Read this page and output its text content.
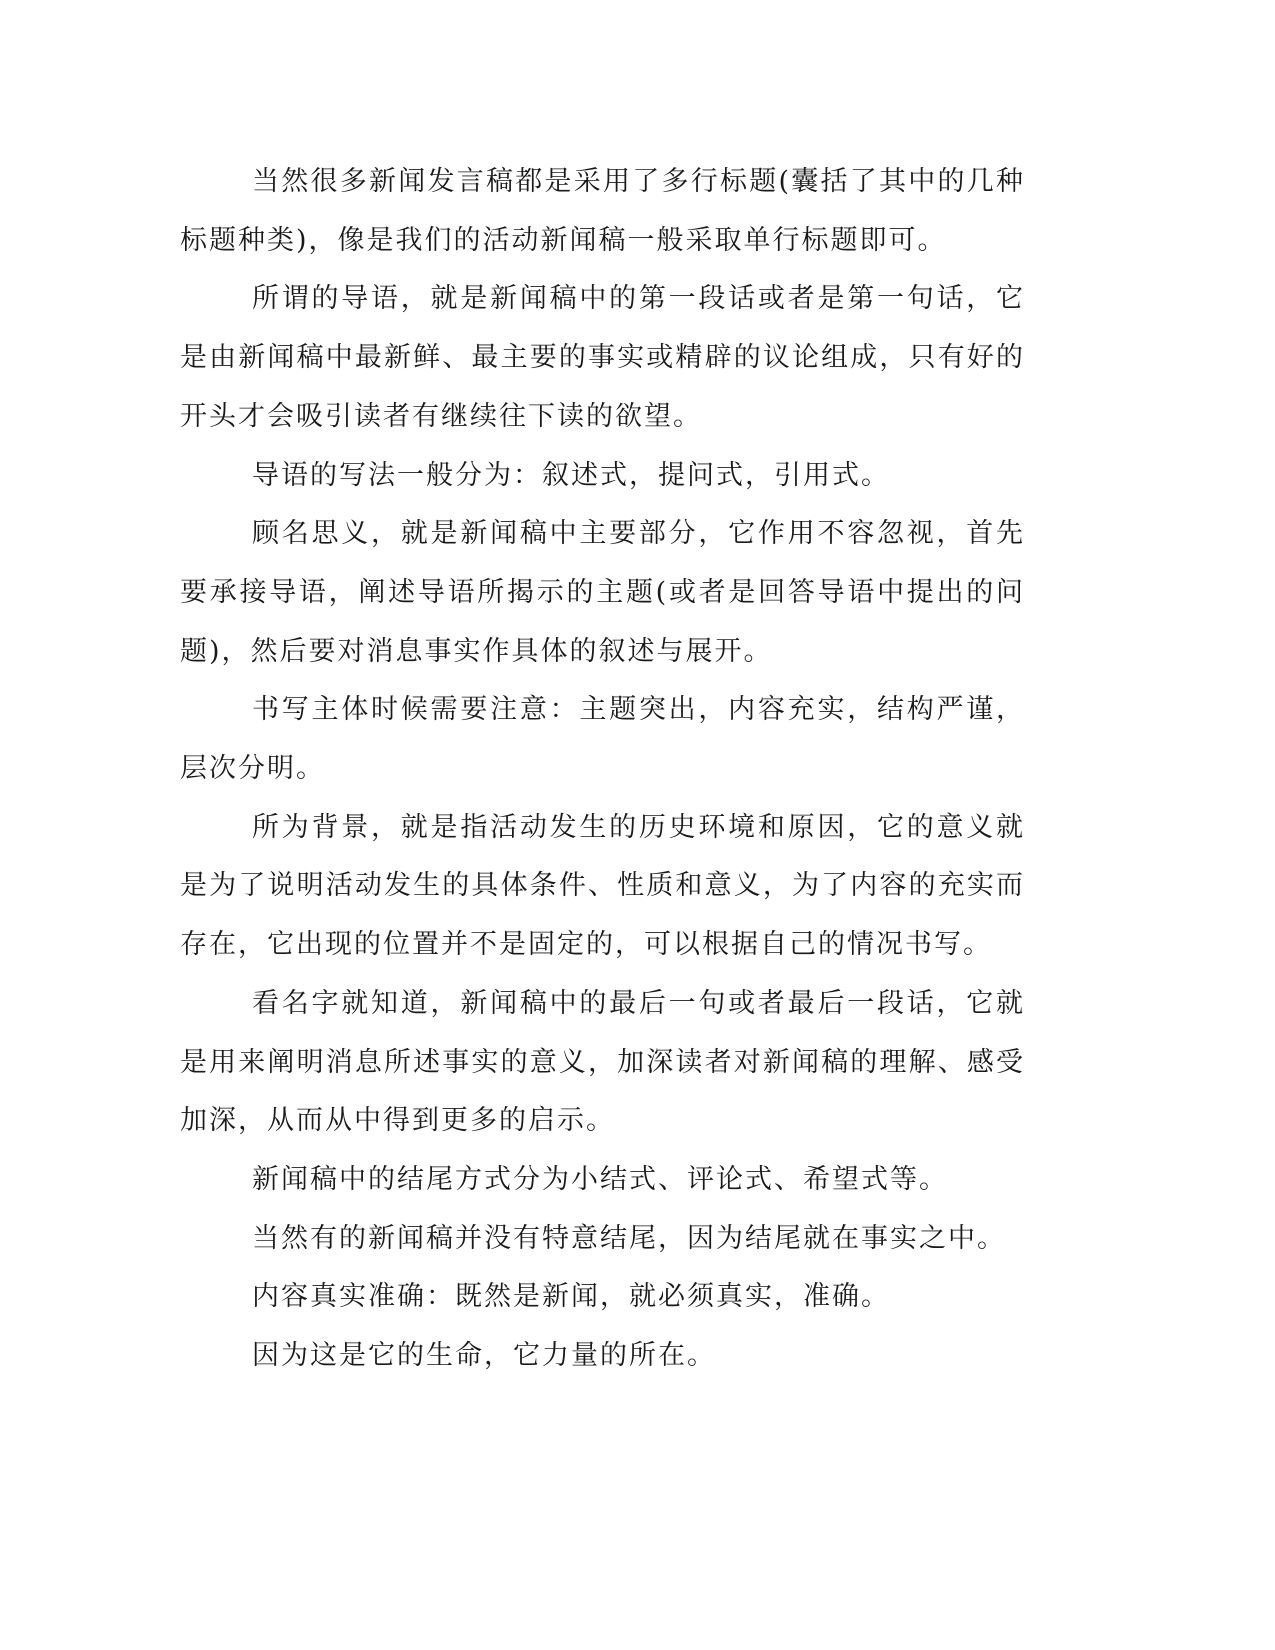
当然很多新闻发言稿都是采用了多行标题(囊括了其中的几种标题种类)，像是我们的活动新闻稿一般采取单行标题即可。

所谓的导语，就是新闻稿中的第一段话或者是第一句话，它是由新闻稿中最新鲜、最主要的事实或精辟的议论组成，只有好的开头才会吸引读者有继续往下读的欲望。

导语的写法一般分为：叙述式，提问式，引用式。

顾名思义，就是新闻稿中主要部分，它作用不容忽视，首先要承接导语，阐述导语所揭示的主题(或者是回答导语中提出的问题)，然后要对消息事实作具体的叙述与展开。

书写主体时候需要注意：主题突出，内容充实，结构严谨，层次分明。

所为背景，就是指活动发生的历史环境和原因，它的意义就是为了说明活动发生的具体条件、性质和意义，为了内容的充实而存在，它出现的位置并不是固定的，可以根据自己的情况书写。

看名字就知道，新闻稿中的最后一句或者最后一段话，它就是用来阐明消息所述事实的意义，加深读者对新闻稿的理解、感受加深，从而从中得到更多的启示。

新闻稿中的结尾方式分为小结式、评论式、希望式等。

当然有的新闻稿并没有特意结尾，因为结尾就在事实之中。

内容真实准确：既然是新闻，就必须真实，准确。

因为这是它的生命，它力量的所在。
